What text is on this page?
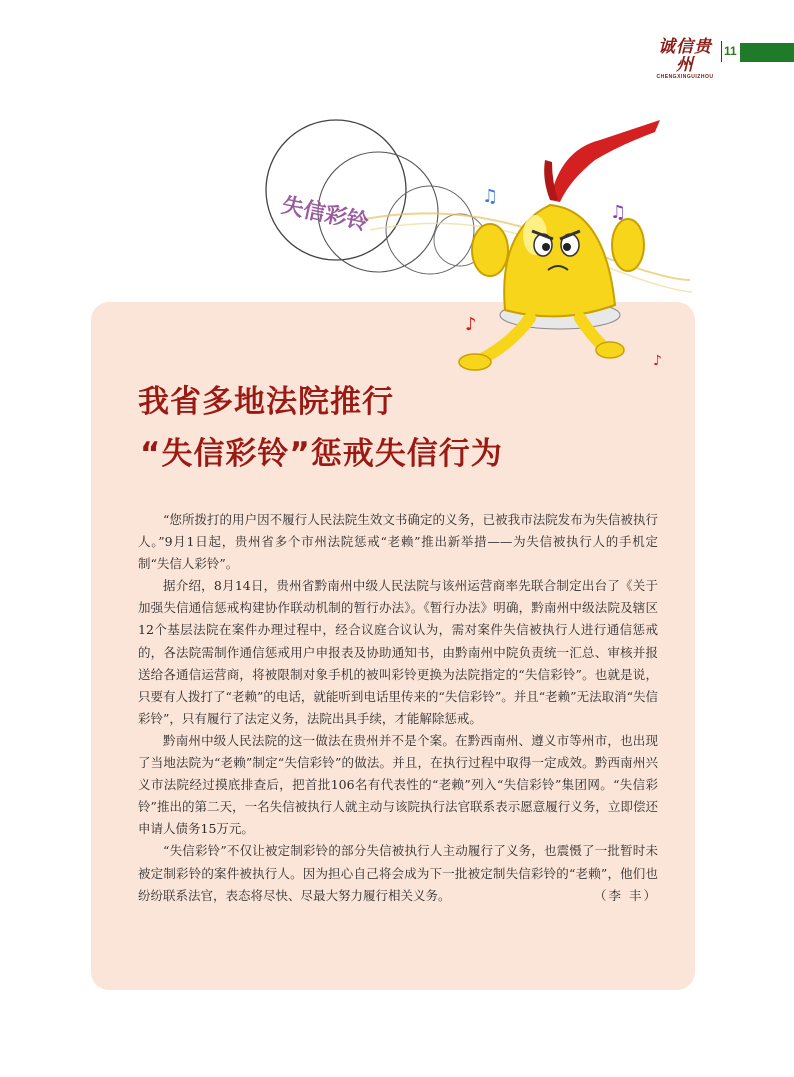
诚信贵州
CHENGXINGUIZHOU
11
失信彩铃	♫
♫
♪
♪
我省多地法院推行
“失信彩铃”惩戒失信行为

“您所拨打的用户因不履行人民法院生效文书确定的义务，已被我市法院发布为失信被执行人。”9月1日起，贵州省多个市州法院惩戒“老赖”推出新举措——为失信被执行人的手机定制“失信人彩铃”。

据介绍，8月14日，贵州省黔南州中级人民法院与该州运营商率先联合制定出台了《关于加强失信通信惩戒构建协作联动机制的暂行办法》。《暂行办法》明确，黔南州中级法院及辖区12个基层法院在案件办理过程中，经合议庭合议认为，需对案件失信被执行人进行通信惩戒的，各法院需制作通信惩戒用户申报表及协助通知书，由黔南州中院负责统一汇总、审核并报送给各通信运营商，将被限制对象手机的被叫彩铃更换为法院指定的“失信彩铃”。也就是说，只要有人拨打了“老赖”的电话，就能听到电话里传来的“失信彩铃”。并且“老赖”无法取消“失信彩铃”，只有履行了法定义务，法院出具手续，才能解除惩戒。

黔南州中级人民法院的这一做法在贵州并不是个案。在黔西南州、遵义市等州市，也出现了当地法院为“老赖”制定“失信彩铃”的做法。并且，在执行过程中取得一定成效。黔西南州兴义市法院经过摸底排查后，把首批106名有代表性的“老赖”列入“失信彩铃”集团网。“失信彩铃”推出的第二天，一名失信被执行人就主动与该院执行法官联系表示愿意履行义务，立即偿还申请人债务15万元。

“失信彩铃”不仅让被定制彩铃的部分失信被执行人主动履行了义务，也震慑了一批暂时未被定制彩铃的案件被执行人。因为担心自己将会成为下一批被定制失信彩铃的“老赖”，他们也纷纷联系法官，表态将尽快、尽最大努力履行相关义务。	（李 丰）
